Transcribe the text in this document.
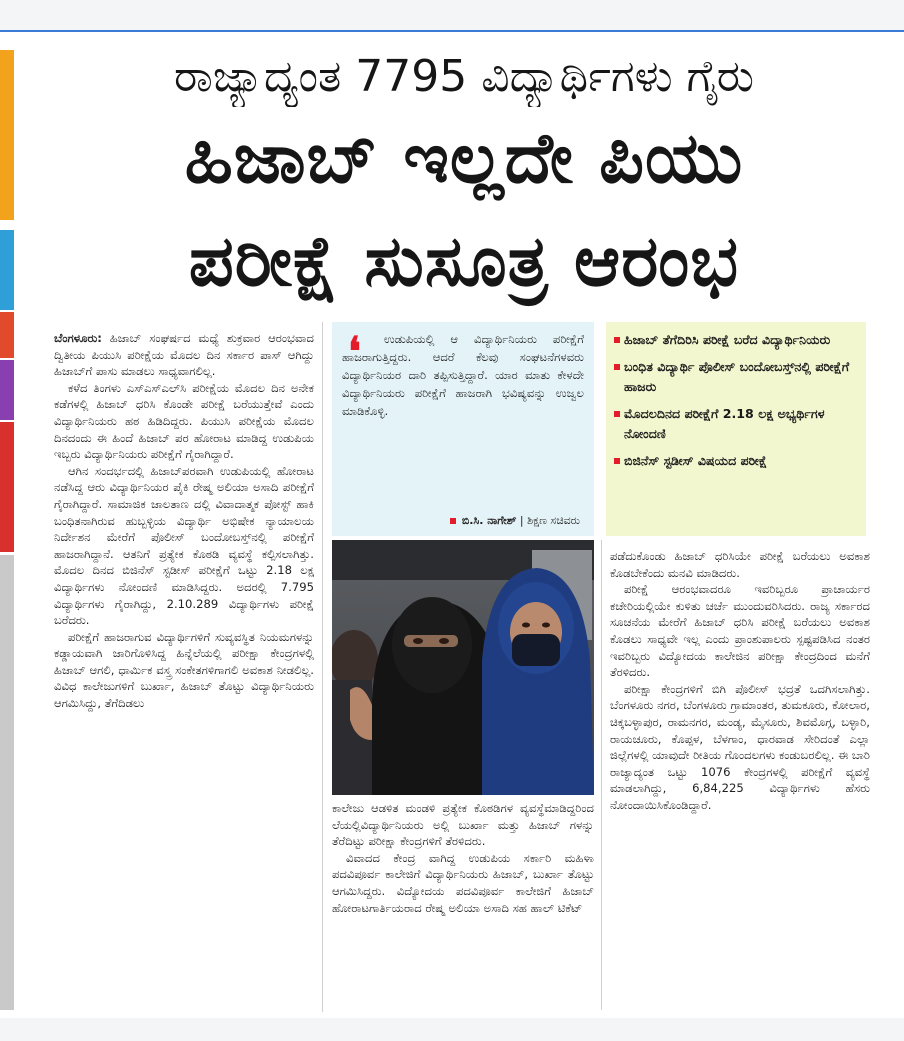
ರಾಜ್ಯಾದ್ಯಂತ 7795 ವಿದ್ಯಾರ್ಥಿಗಳು ಗೈರು
ಹಿಜಾಬ್ ಇಲ್ಲದೇ ಪಿಯು
ಪರೀಕ್ಷೆ ಸುಸೂತ್ರ ಆರಂಭ

ಬೆಂಗಳೂರು: ಹಿಜಾಬ್ ಸಂಘರ್ಷದ ಮಧ್ಯೆ ಶುಕ್ರವಾರ ಆರಂಭವಾದ ದ್ವಿತೀಯ ಪಿಯುಸಿ ಪರೀಕ್ಷೆಯ ಮೊದಲ ದಿನ ಸರ್ಕಾರ ಪಾಸ್ ಆಗಿದ್ದು ಹಿಜಾಬ್‌ಗೆ ಪಾಸು ಮಾಡಲು ಸಾಧ್ಯವಾಗಲಿಲ್ಲ.

ಕಳೆದ ತಿಂಗಳು ಎಸ್‌ಎಸ್‌ಎಲ್‌ಸಿ ಪರೀಕ್ಷೆಯ ಮೊದಲ ದಿನ ಅನೇಕ ಕಡೆಗಳಲ್ಲಿ ಹಿಜಾಬ್ ಧರಿಸಿ ಕೊಂಡೇ ಪರೀಕ್ಷೆ ಬರೆಯುತ್ತೇವೆ ಎಂದು ವಿದ್ಯಾರ್ಥಿನಿಯರು ಹಠ ಹಿಡಿದಿದ್ದರು. ಪಿಯುಸಿ ಪರೀಕ್ಷೆಯ ಮೊದಲ ದಿನದಂದು ಈ ಹಿಂದೆ ಹಿಜಾಬ್ ಪರ ಹೋರಾಟ ಮಾಡಿದ್ದ ಉಡುಪಿಯ ಇಬ್ಬರು ವಿದ್ಯಾರ್ಥಿನಿಯರು ಪರೀಕ್ಷೆಗೆ ಗೈರಾಗಿದ್ದಾರೆ.

ಆಗಿನ ಸಂದರ್ಭದಲ್ಲಿ ಹಿಜಾಬ್‌ಪರವಾಗಿ ಉಡುಪಿಯಲ್ಲಿ ಹೋರಾಟ ನಡೆಸಿದ್ದ ಆರು ವಿದ್ಯಾರ್ಥಿನಿಯರ ಪೈಕಿ ರೇಷ್ಮ ಅಲಿಯಾ ಅಸಾದಿ ಪರೀಕ್ಷೆಗೆ ಗೈರಾಗಿದ್ದಾರೆ. ಸಾಮಾಜಿಕ ಜಾಲತಾಣ ದಲ್ಲಿ ವಿವಾದಾತ್ಮಕ ಪೋಸ್ಟ್ ಹಾಕಿ ಬಂಧಿತನಾಗಿರುವ ಹುಬ್ಬಳ್ಳಿಯ ವಿದ್ಯಾರ್ಥಿ ಅಭಿಷೇಕ ನ್ಯಾಯಾಲಯ ನಿರ್ದೇಶನ ಮೇರೆಗೆ ಪೊಲೀಸ್ ಬಂದೋಬಸ್ತ್‌ನಲ್ಲಿ ಪರೀಕ್ಷೆಗೆ ಹಾಜರಾಗಿದ್ದಾನೆ. ಆತನಿಗೆ ಪ್ರತ್ಯೇಕ ಕೊಠಡಿ ವ್ಯವಸ್ಥೆ ಕಲ್ಪಿಸಲಾಗಿತ್ತು. ಮೊದಲ ದಿನದ ಬಿಜಿನೆಸ್ ಸ್ಟಡೀಸ್ ಪರೀಕ್ಷೆಗೆ ಒಟ್ಟು 2.18 ಲಕ್ಷ ವಿದ್ಯಾರ್ಥಿಗಳು ನೋಂದಣಿ ಮಾಡಿಸಿದ್ದರು. ಅದರಲ್ಲಿ 7.795 ವಿದ್ಯಾರ್ಥಿಗಳು ಗೈರಾಗಿದ್ದು, 2.10.289 ವಿದ್ಯಾರ್ಥಿಗಳು ಪರೀಕ್ಷೆ ಬರೆದರು.

ಪರೀಕ್ಷೆಗೆ ಹಾಜರಾಗುವ ವಿದ್ಯಾರ್ಥಿಗಳಿಗೆ ಸುವ್ಯವಸ್ಥಿತ ನಿಯಮಗಳನ್ನು ಕಡ್ಡಾಯವಾಗಿ ಜಾರಿಗೊಳಿಸಿದ್ದ ಹಿನ್ನೆಲೆಯಲ್ಲಿ ಪರೀಕ್ಷಾ ಕೇಂದ್ರಗಳಲ್ಲಿ ಹಿಜಾಬ್ ಆಗಲಿ, ಧಾರ್ಮಿಕ ವಸ್ತ್ರ ಸಂಕೇತಗಳಿಗಾಗಲಿ ಅವಕಾಶ ನೀಡಲಿಲ್ಲ. ವಿವಿಧ ಕಾಲೇಜುಗಳಿಗೆ ಬುರ್ಖಾ, ಹಿಜಾಬ್ ತೊಟ್ಟು ವಿದ್ಯಾರ್ಥಿನಿಯರು ಆಗಮಿಸಿದ್ದು, ತೆಗೆದಿಡಲು

❛	ಉಡುಪಿಯಲ್ಲಿ ಆ ವಿದ್ಯಾರ್ಥಿನಿಯರು ಪರೀಕ್ಷೆಗೆ ಹಾಜರಾಗುತ್ತಿದ್ದರು. ಆದರೆ ಕೆಲವು ಸಂಘಟನೆಗಳವರು ವಿದ್ಯಾರ್ಥಿನಿಯರ ದಾರಿ ತಪ್ಪಿಸುತ್ತಿದ್ದಾರೆ. ಯಾರ ಮಾತು ಕೇಳದೇ ವಿದ್ಯಾರ್ಥಿನಿಯರು ಪರೀಕ್ಷೆಗೆ ಹಾಜರಾಗಿ ಭವಿಷ್ಯವನ್ನು ಉಜ್ವಲ ಮಾಡಿಕೊಳ್ಳಿ.
ಬಿ.ಸಿ. ನಾಗೇಶ್ | ಶಿಕ್ಷಣ ಸಚಿವರು
ಹಿಜಾಬ್ ತೆಗೆದಿರಿಸಿ ಪರೀಕ್ಷೆ ಬರೆದ ವಿದ್ಯಾರ್ಥಿನಿಯರು
ಬಂಧಿತ ವಿದ್ಯಾರ್ಥಿ ಪೊಲೀಸ್ ಬಂದೋಬಸ್ತ್‌ನಲ್ಲಿ ಪರೀಕ್ಷೆಗೆ ಹಾಜರು
ಮೊದಲದಿನದ ಪರೀಕ್ಷೆಗೆ 2.18 ಲಕ್ಷ ಅಭ್ಯರ್ಥಿಗಳ ನೋಂದಣಿ
ಬಿಜಿನೆಸ್ ಸ್ಟಡೀಸ್ ವಿಷಯದ ಪರೀಕ್ಷೆ

ಕಾಲೇಜು ಆಡಳಿತ ಮಂಡಳಿ ಪ್ರತ್ಯೇಕ ಕೊಠಡಿಗಳ ವ್ಯವಸ್ಥೆಮಾಡಿದ್ದರಿಂದ ಲೆಯಲ್ಲಿವಿದ್ಯಾರ್ಥಿನಿಯರು ಅಲ್ಲಿ ಬುರ್ಖಾ ಮತ್ತು ಹಿಜಾಬ್ ಗಳನ್ನು ತೆರೆದಿಟ್ಟು ಪರೀಕ್ಷಾ ಕೇಂದ್ರಗಳಿಗೆ ತೆರಳಿದರು.

ವಿವಾದದ ಕೇಂದ್ರ ವಾಗಿದ್ದ ಉಡುಪಿಯ ಸರ್ಕಾರಿ ಮಹಿಳಾ ಪದವಿಪೂರ್ವ ಕಾಲೇಜಿಗೆ ವಿದ್ಯಾರ್ಥಿನಿಯರು ಹಿಜಾಬ್, ಬುರ್ಖಾ ತೊಟ್ಟು ಆಗಮಿಸಿದ್ದರು. ವಿದ್ಯೋದಯ ಪದವಿಪೂರ್ವ ಕಾಲೇಜಿಗೆ ಹಿಜಾಬ್ ಹೋರಾಟಗಾರ್ತಿಯರಾದ ರೇಷ್ಮ ಅಲಿಯಾ ಅಸಾದಿ ಸಹ ಹಾಲ್ ಟಿಕೆಟ್

ಪಡೆದುಕೊಂಡು ಹಿಜಾಬ್ ಧರಿಸಿಯೇ ಪರೀಕ್ಷೆ ಬರೆಯಲು ಅವಕಾಶ ಕೊಡಬೇಕೆಂದು ಮನವಿ ಮಾಡಿದರು.

ಪರೀಕ್ಷೆ ಆರಂಭವಾದರೂ ಇವರಿಬ್ಬರೂ ಪ್ರಾಚಾರ್ಯರ ಕಚೇರಿಯಲ್ಲಿಯೇ ಕುಳಿತು ಚರ್ಚೆ ಮುಂದುವರಿಸಿದರು. ರಾಜ್ಯ ಸರ್ಕಾರದ ಸೂಚನೆಯ ಮೇರೆಗೆ ಹಿಜಾಬ್ ಧರಿಸಿ ಪರೀಕ್ಷೆ ಬರೆಯಲು ಅವಕಾಶ ಕೊಡಲು ಸಾಧ್ಯವೇ ಇಲ್ಲ ಎಂದು ಪ್ರಾಂಶುಪಾಲರು ಸ್ಪಷ್ಟಪಡಿಸಿದ ನಂತರ ಇವರಿಬ್ಬರು ವಿದ್ಯೋದಯ ಕಾಲೇಜಿನ ಪರೀಕ್ಷಾ ಕೇಂದ್ರದಿಂದ ಮನೆಗೆ ತೆರಳಿದರು.

ಪರೀಕ್ಷಾ ಕೇಂದ್ರಗಳಿಗೆ ಬಿಗಿ ಪೊಲೀಸ್ ಭದ್ರತೆ ಒದಗಿಸಲಾಗಿತ್ತು. ಬೆಂಗಳೂರು ನಗರ, ಬೆಂಗಳೂರು ಗ್ರಾಮಾಂತರ, ತುಮಕೂರು, ಕೋಲಾರ, ಚಿಕ್ಕಬಳ್ಳಾಪುರ, ರಾಮನಗರ, ಮಂಡ್ಯ, ಮೈಸೂರು, ಶಿವಮೊಗ್ಗ, ಬಳ್ಳಾರಿ, ರಾಯಚೂರು, ಕೊಪ್ಪಳ, ಬೆಳಗಾಂ, ಧಾರವಾಡ ಸೇರಿದಂತೆ ಎಲ್ಲಾ ಜಿಲ್ಲೆಗಳಲ್ಲಿ ಯಾವುದೇ ರೀತಿಯ ಗೊಂದಲಗಳು ಕಂಡುಬರಲಿಲ್ಲ. ಈ ಬಾರಿ ರಾಜ್ಯಾದ್ಯಂತ ಒಟ್ಟು 1076 ಕೇಂದ್ರಗಳಲ್ಲಿ ಪರೀಕ್ಷೆಗೆ ವ್ಯವಸ್ಥೆ ಮಾಡಲಾಗಿದ್ದು, 6,84,225 ವಿದ್ಯಾರ್ಥಿಗಳು ಹೆಸರು ನೋಂದಾಯಿಸಿಕೊಂಡಿದ್ದಾರೆ.
